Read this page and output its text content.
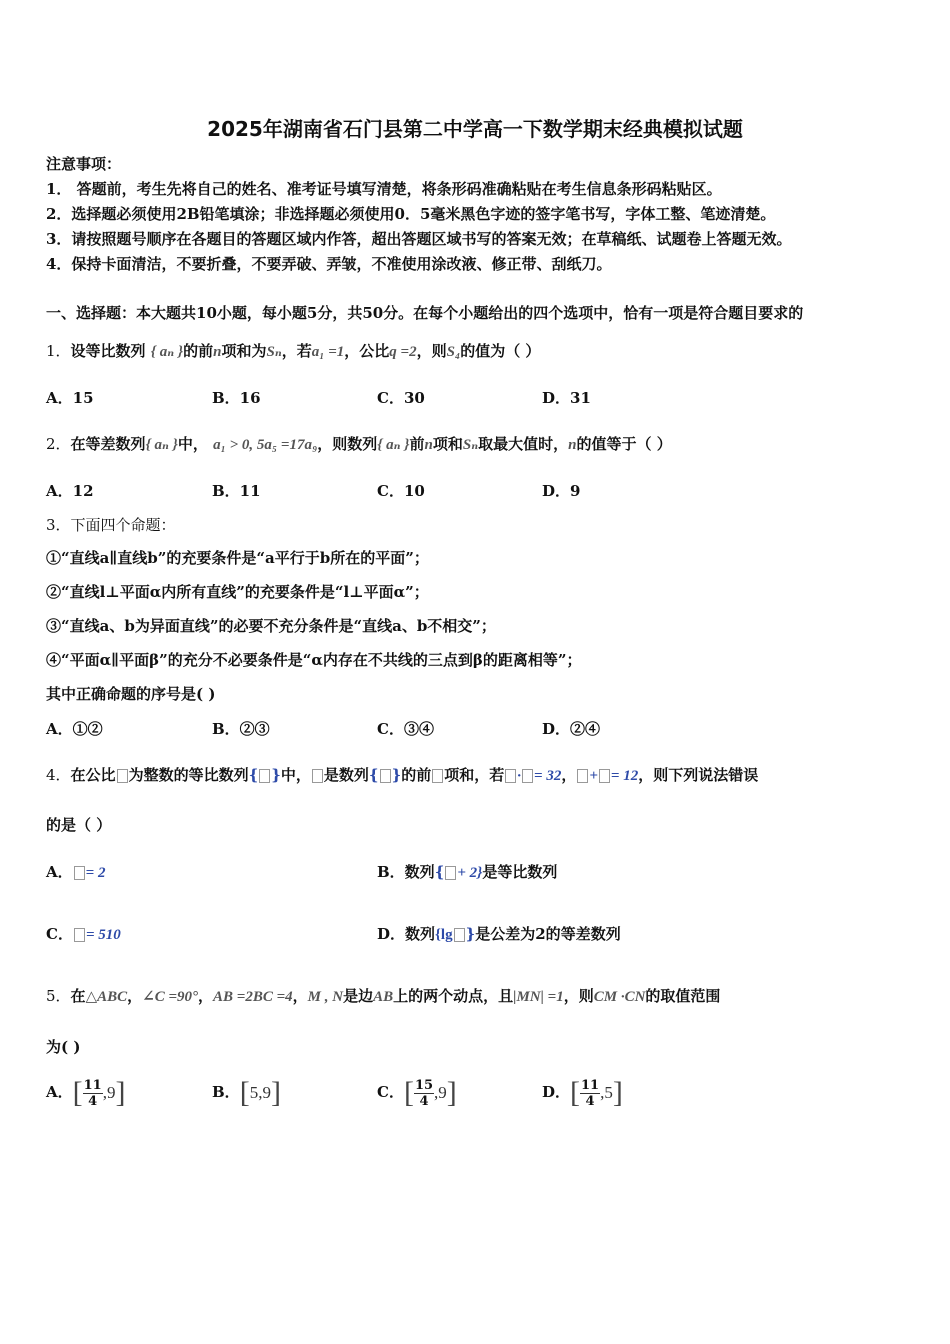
2025年湖南省石门县第二中学高一下数学期末经典模拟试题
注意事项：
1． 答题前，考生先将自己的姓名、准考证号填写清楚，将条形码准确粘贴在考生信息条形码粘贴区。
2．选择题必须使用2B铅笔填涂；非选择题必须使用0．5毫米黑色字迹的签字笔书写，字体工整、笔迹清楚。
3．请按照题号顺序在各题目的答题区域内作答，超出答题区域书写的答案无效；在草稿纸、试题卷上答题无效。
4．保持卡面清洁，不要折叠，不要弄破、弄皱，不准使用涂改液、修正带、刮纸刀。
一、选择题：本大题共10小题，每小题5分，共50分。在每个小题给出的四个选项中，恰有一项是符合题目要求的
1．设等比数列 { aₙ }的前n项和为Sₙ，若a₁ =1，公比q =2，则S₄的值为（ ）
A．15	B．16	C．30	D．31
2．在等差数列{ aₙ }中， a₁ > 0, 5a₅ =17a₉，则数列{ aₙ }前n项和Sₙ取最大值时，n的值等于（ ）
A．12	B．11	C．10	D．9
3．下面四个命题：
①“直线a∥直线b”的充要条件是“a平行于b所在的平面”；
②“直线l⊥平面α内所有直线”的充要条件是“l⊥平面α”；
③“直线a、b为异面直线”的必要不充分条件是“直线a、b不相交”；
④“平面α∥平面β”的充分不必要条件是“α内存在不共线的三点到β的距离相等”；
其中正确命题的序号是( )
A．①②	B．②③	C．③④	D．②④
4．在公比 为整数的等比数列{ }中， 是数列{ }的前 项和，若 · = 32， + = 12，则下列说法错误
的是（ ）
A． = 2	B．数列{ + 2}是等比数列
C． = 510	D．数列{lg }是公差为2的等差数列
5．在△ABC，∠C =90°，AB =2BC =4，M , N是边AB上的两个动点，且|MN| =1，则CM ·CN的取值范围
为( )
A．[ $\frac{11}{4} ,9$]	B．[5,9]	C．[ $\frac{15}{4} ,9$]	D．[ $\frac{11}{4} ,5$]
